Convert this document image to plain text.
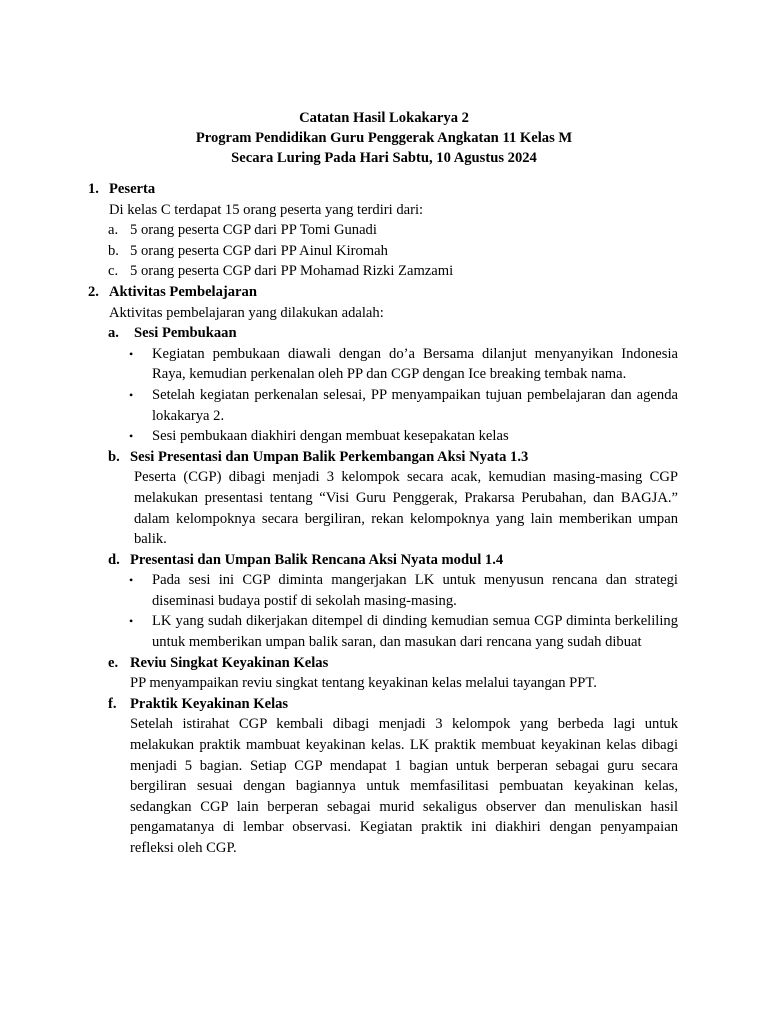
Catatan Hasil Lokakarya 2
Program Pendidikan Guru Penggerak Angkatan 11 Kelas M
Secara Luring Pada Hari Sabtu, 10 Agustus 2024
1. Peserta
Di kelas C terdapat 15 orang peserta yang terdiri dari:
a. 5 orang peserta CGP dari PP Tomi Gunadi
b. 5 orang peserta CGP dari PP Ainul Kiromah
c. 5 orang peserta CGP dari PP Mohamad Rizki Zamzami
2. Aktivitas Pembelajaran
Aktivitas pembelajaran yang dilakukan adalah:
a. Sesi Pembukaan
• Kegiatan pembukaan diawali dengan do’a Bersama dilanjut menyanyikan Indonesia Raya, kemudian perkenalan oleh PP dan CGP dengan Ice breaking tembak nama.
• Setelah kegiatan perkenalan selesai, PP menyampaikan tujuan pembelajaran dan agenda lokakarya 2.
• Sesi pembukaan diakhiri dengan membuat kesepakatan kelas
b. Sesi Presentasi dan Umpan Balik Perkembangan Aksi Nyata 1.3
Peserta (CGP) dibagi menjadi 3 kelompok secara acak, kemudian masing-masing CGP melakukan presentasi tentang “Visi Guru Penggerak, Prakarsa Perubahan, dan BAGJA.” dalam kelompoknya secara bergiliran, rekan kelompoknya yang lain memberikan umpan balik.
d. Presentasi dan Umpan Balik Rencana Aksi Nyata modul 1.4
• Pada sesi ini CGP diminta mangerjakan LK untuk menyusun rencana dan strategi diseminasi budaya postif di sekolah masing-masing.
• LK yang sudah dikerjakan ditempel di dinding kemudian semua CGP diminta berkeliling untuk memberikan umpan balik saran, dan masukan dari rencana yang sudah dibuat
e. Reviu Singkat Keyakinan Kelas
PP menyampaikan reviu singkat tentang keyakinan kelas melalui tayangan PPT.
f. Praktik Keyakinan Kelas
Setelah istirahat CGP kembali dibagi menjadi 3 kelompok yang berbeda lagi untuk melakukan praktik mambuat keyakinan kelas. LK praktik membuat keyakinan kelas dibagi menjadi 5 bagian. Setiap CGP mendapat 1 bagian untuk berperan sebagai guru secara bergiliran sesuai dengan bagiannya untuk memfasilitasi pembuatan keyakinan kelas, sedangkan CGP lain berperan sebagai murid sekaligus observer dan menuliskan hasil pengamatanya di lembar observasi. Kegiatan praktik ini diakhiri dengan penyampaian refleksi oleh CGP.
